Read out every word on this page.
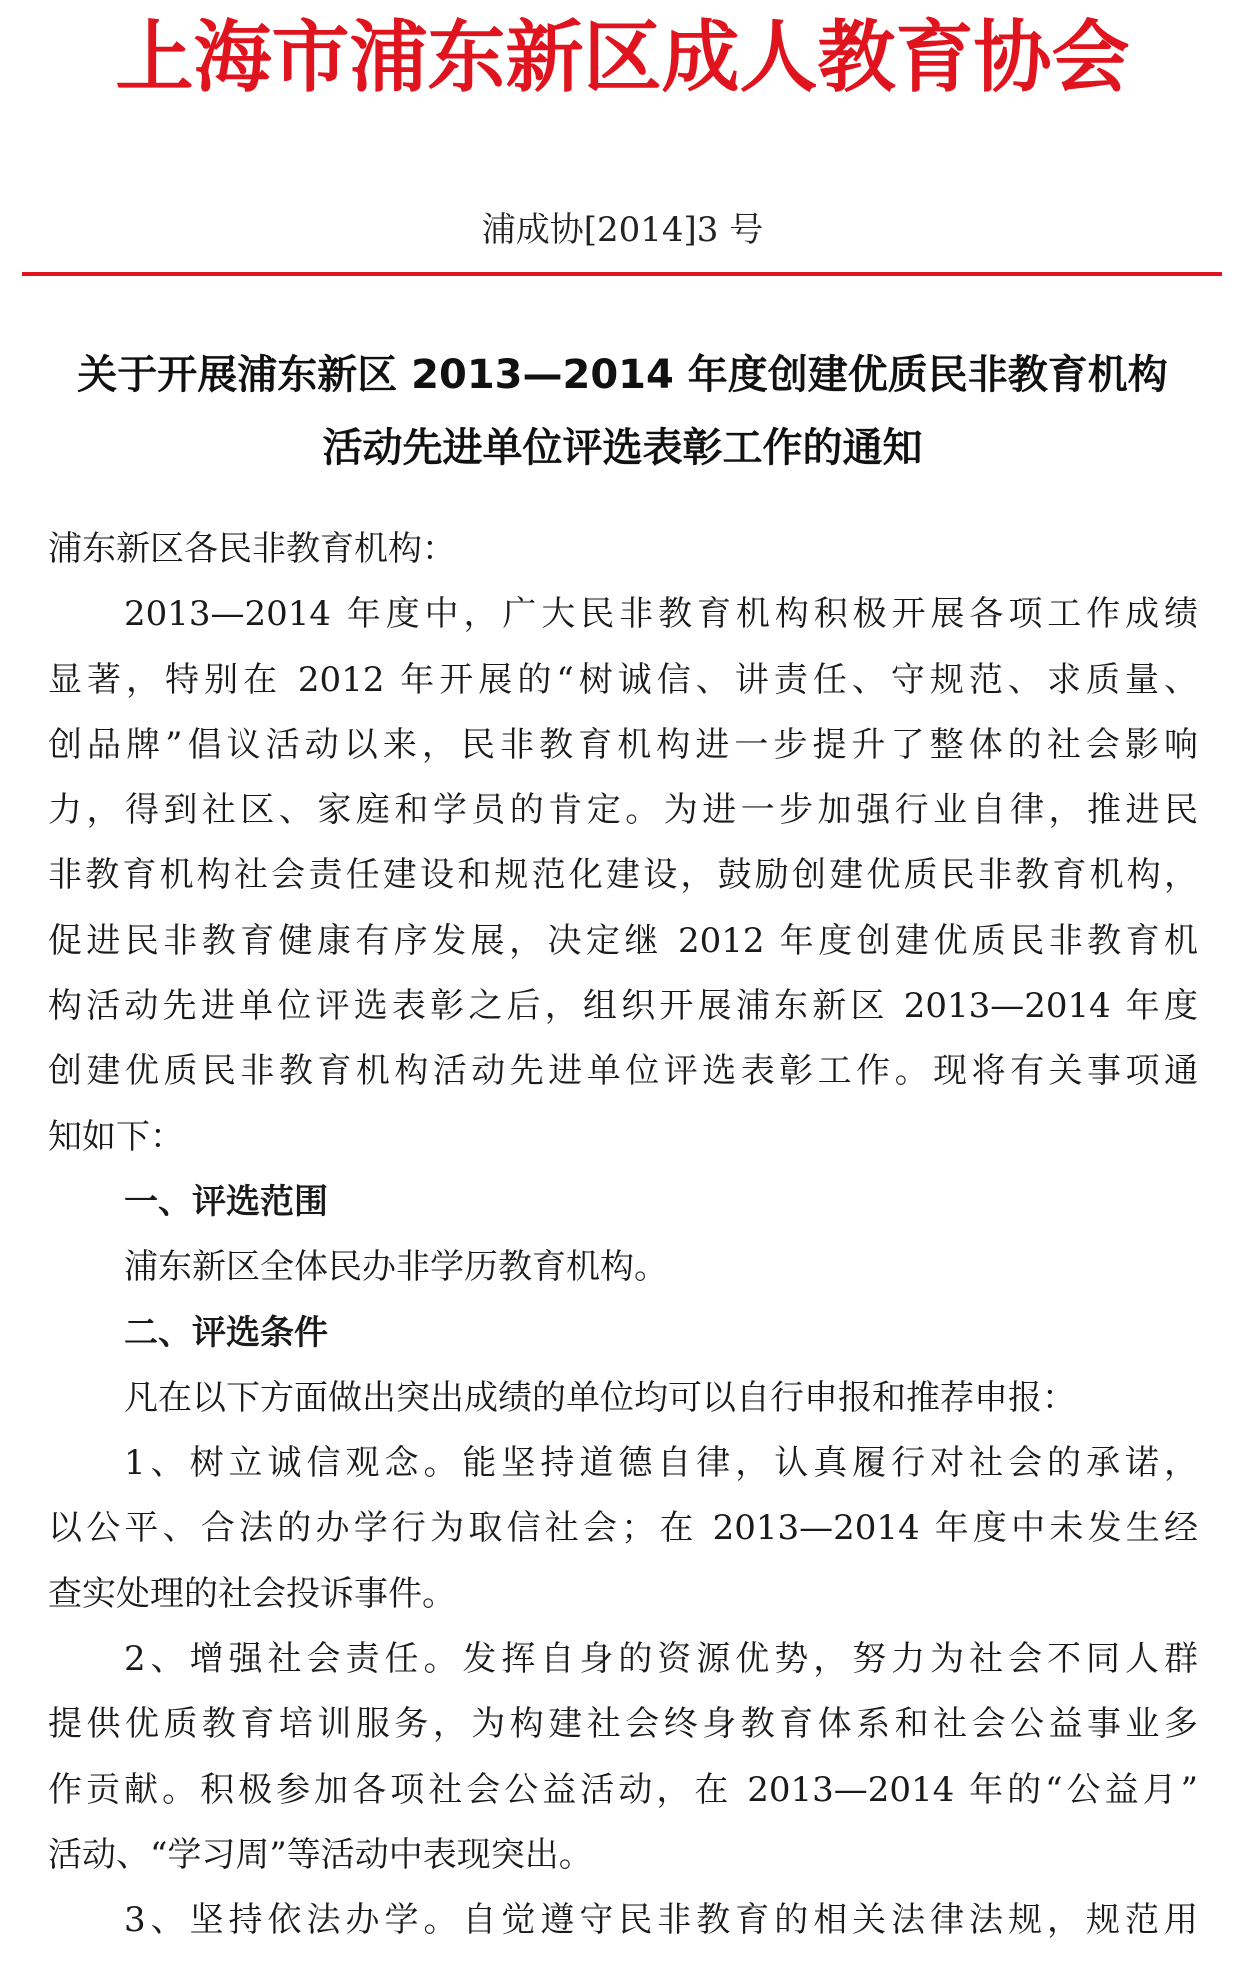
上海市浦东新区成人教育协会
浦成协[2014]3 号
关于开展浦东新区 2013—2014 年度创建优质民非教育机构
活动先进单位评选表彰工作的通知
浦东新区各民非教育机构：
2013—2014 年度中，广大民非教育机构积极开展各项工作成绩
显著，特别在 2012 年开展的“树诚信、讲责任、守规范、求质量、
创品牌”倡议活动以来，民非教育机构进一步提升了整体的社会影响
力，得到社区、家庭和学员的肯定。为进一步加强行业自律，推进民
非教育机构社会责任建设和规范化建设，鼓励创建优质民非教育机构，
促进民非教育健康有序发展，决定继 2012 年度创建优质民非教育机
构活动先进单位评选表彰之后，组织开展浦东新区 2013—2014 年度
创建优质民非教育机构活动先进单位评选表彰工作。现将有关事项通
知如下：
一、评选范围
浦东新区全体民办非学历教育机构。
二、评选条件
凡在以下方面做出突出成绩的单位均可以自行申报和推荐申报：
1、树立诚信观念。能坚持道德自律，认真履行对社会的承诺，
以公平、合法的办学行为取信社会；在 2013—2014 年度中未发生经
查实处理的社会投诉事件。
2、增强社会责任。发挥自身的资源优势，努力为社会不同人群
提供优质教育培训服务，为构建社会终身教育体系和社会公益事业多
作贡献。积极参加各项社会公益活动，在 2013—2014 年的“公益月”
活动、“学习周”等活动中表现突出。
3、坚持依法办学。自觉遵守民非教育的相关法律法规，规范用
